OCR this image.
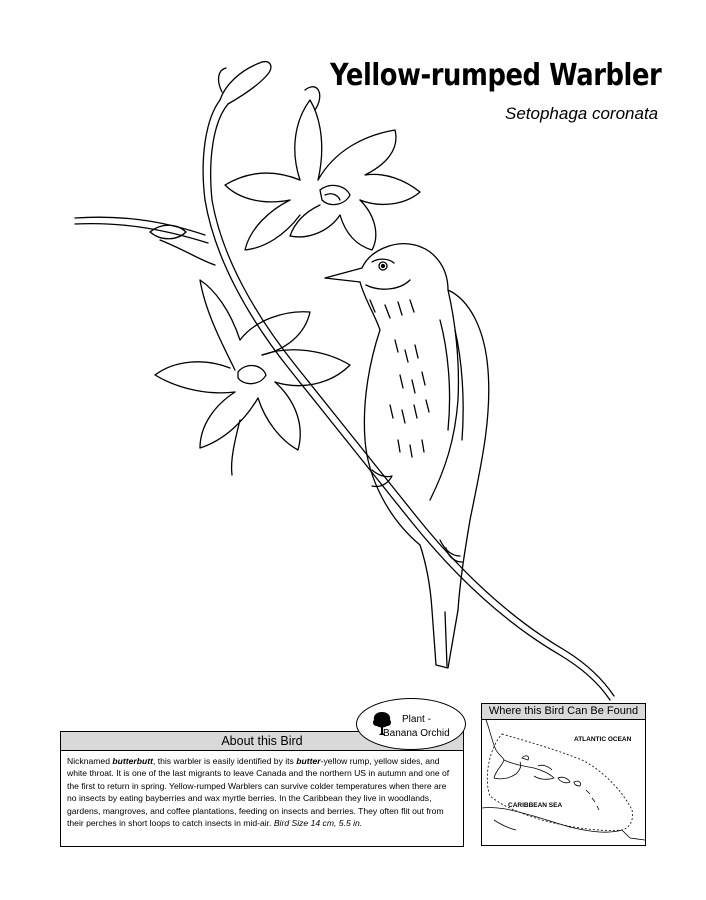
Yellow-rumped Warbler
Setophaga coronata
About this Bird
Nicknamed butterbutt, this warbler is easily identified by its butter-yellow rump, yellow sides, and white throat. It is one of the last migrants to leave Canada and the northern US in autumn and one of the first to return in spring. Yellow-rumped Warblers can survive colder temperatures when there are no insects by eating bayberries and wax myrtle berries. In the Caribbean they live in woodlands, gardens, mangroves, and coffee plantations, feeding on insects and berries. They often flit out from their perches in short loops to catch insects in mid-air. Bird Size 14 cm, 5.5 in.
Plant -
Banana Orchid
Where this Bird Can Be Found
ATLANTIC OCEAN
CARIBBEAN SEA
